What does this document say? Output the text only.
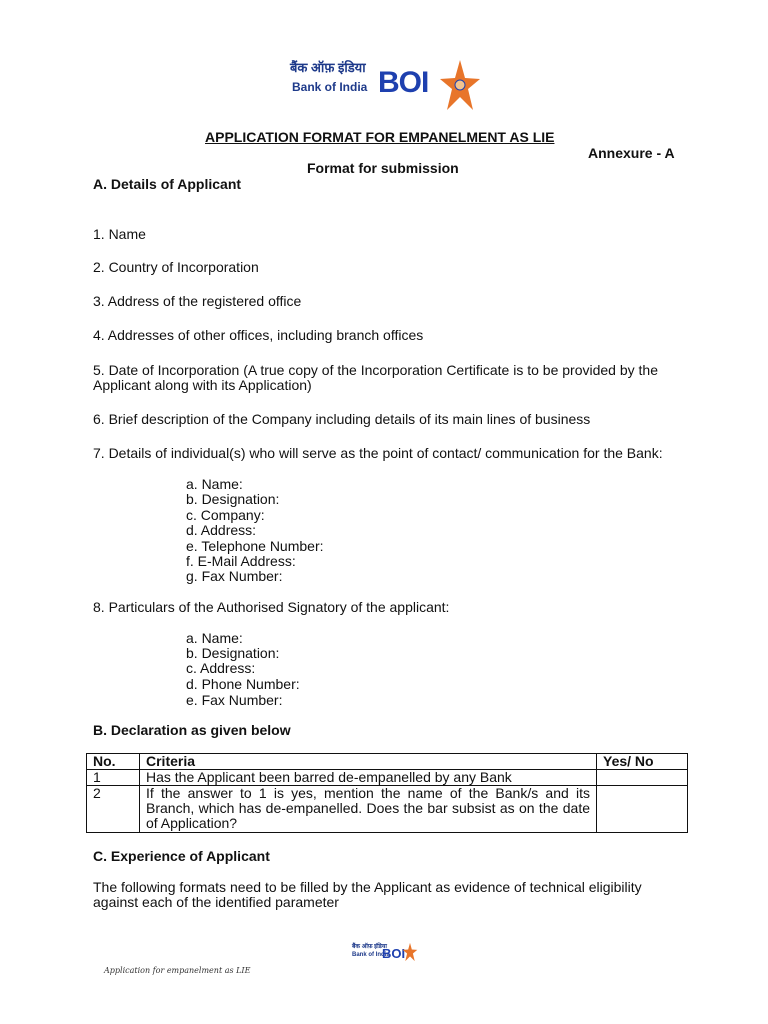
बैंक ऑफ़ इंडिया
Bank of India BOI
APPLICATION FORMAT FOR EMPANELMENT AS LIE
Annexure - A
Format for submission
A. Details of Applicant
1. Name
2. Country of Incorporation
3. Address of the registered office
4. Addresses of other offices, including branch offices
5. Date of Incorporation (A true copy of the Incorporation Certificate is to be provided by the
Applicant along with its Application)
6. Brief description of the Company including details of its main lines of business
7. Details of individual(s) who will serve as the point of contact/ communication for the Bank:
a. Name:
b. Designation:
c. Company:
d. Address:
e. Telephone Number:
f. E-Mail Address:
g. Fax Number:
8. Particulars of the Authorised Signatory of the applicant:
a. Name:
b. Designation:
c. Address:
d. Phone Number:
e. Fax Number:
B. Declaration as given below
No.	Criteria	Yes/ No
1	Has the Applicant been barred de-empanelled by any Bank	
2	If the answer to 1 is yes, mention the name of the Bank/s and its Branch, which has de-empanelled. Does the bar subsist as on the date of Application?	
C. Experience of Applicant
The following formats need to be filled by the Applicant as evidence of technical eligibility
against each of the identified parameter
बैंक ऑफ़ इंडिया
Bank of India
BOI
Application for empanelment as LIE
